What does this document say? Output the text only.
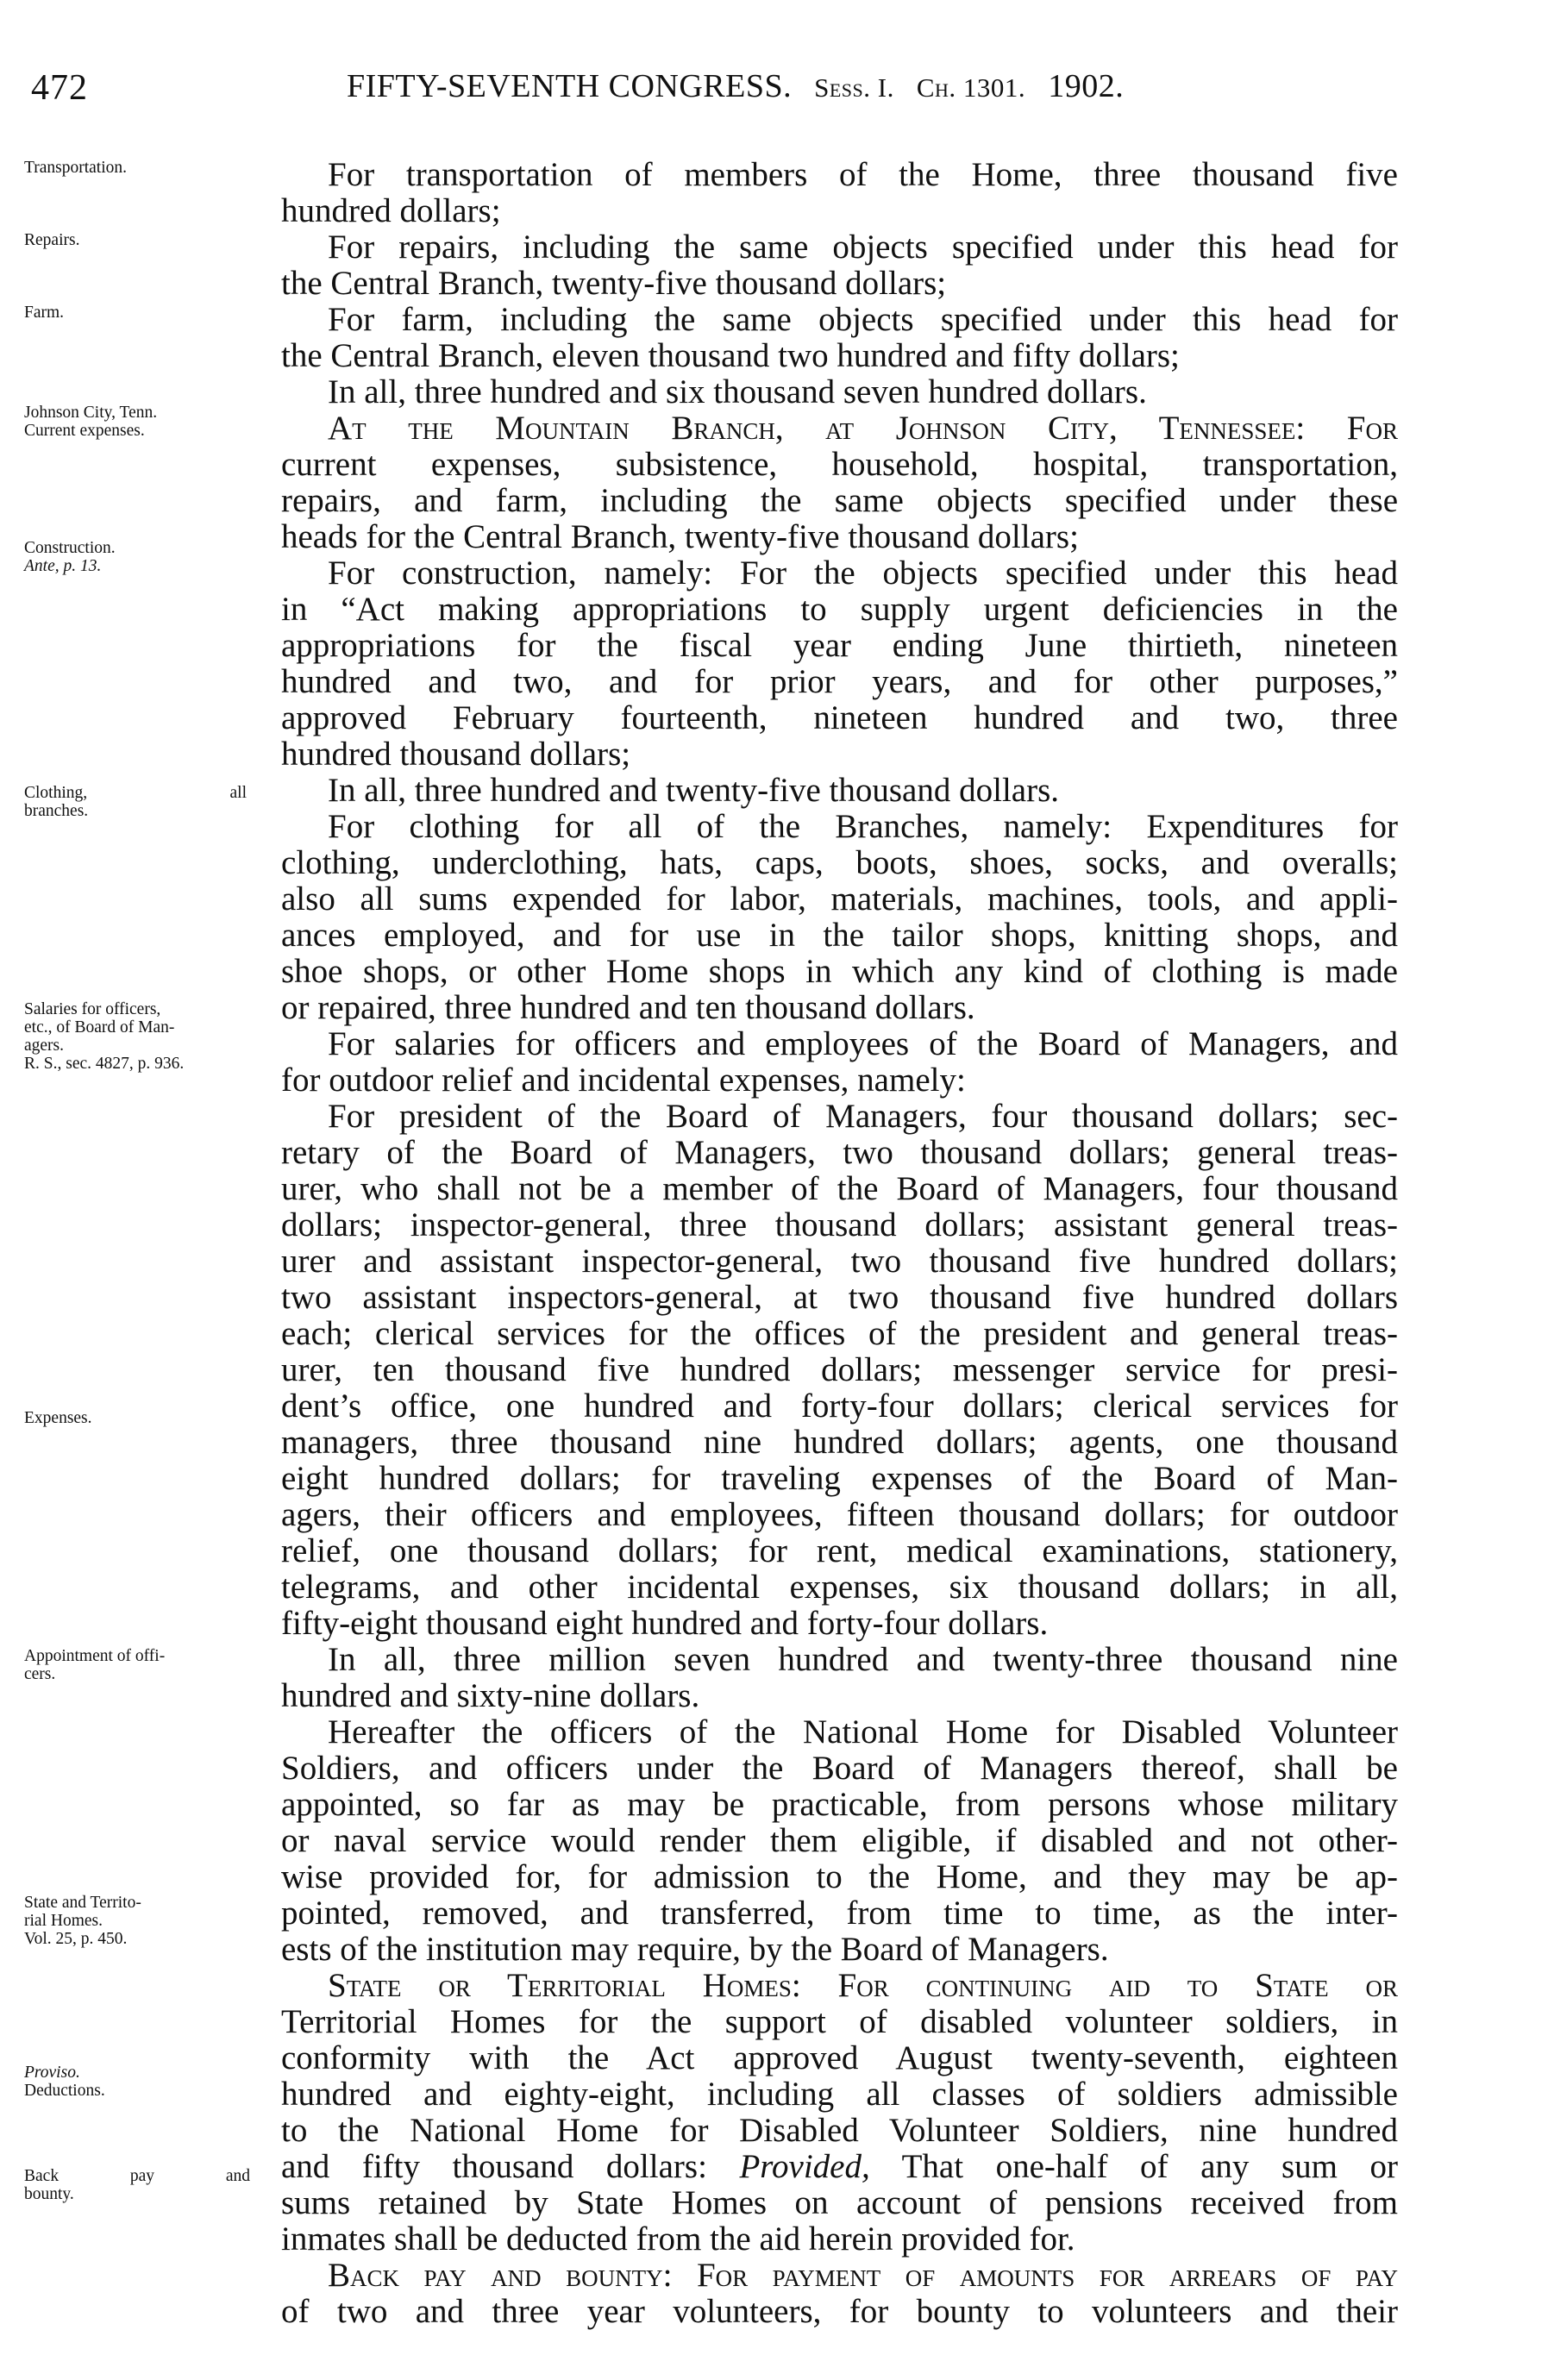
472	FIFTY-SEVENTH CONGRESS. Sess. I. Ch. 1301. 1902.
Transportation.
Repairs.
Farm.
Johnson City, Tenn.
Current expenses.
Construction.
Ante, p. 13.
Clothing, all
branches.
Salaries for officers,
etc., of Board of Man-
agers.
R. S., sec. 4827, p. 936.
Expenses.
Appointment of offi-
cers.
State and Territo-
rial Homes.
Vol. 25, p. 450.
Proviso.
Deductions.
Back pay and
bounty.
For transportation of members of the Home, three thousand five
hundred dollars;
For repairs, including the same objects specified under this head for
the Central Branch, twenty-five thousand dollars;
For farm, including the same objects specified under this head for
the Central Branch, eleven thousand two hundred and fifty dollars;
In all, three hundred and six thousand seven hundred dollars.
At the Mountain Branch, at Johnson City, Tennessee: For
current expenses, subsistence, household, hospital, transportation,
repairs, and farm, including the same objects specified under these
heads for the Central Branch, twenty-five thousand dollars;
For construction, namely: For the objects specified under this head
in “Act making appropriations to supply urgent deficiencies in the
appropriations for the fiscal year ending June thirtieth, nineteen
hundred and two, and for prior years, and for other purposes,”
approved February fourteenth, nineteen hundred and two, three
hundred thousand dollars;
In all, three hundred and twenty-five thousand dollars.
For clothing for all of the Branches, namely: Expenditures for
clothing, underclothing, hats, caps, boots, shoes, socks, and overalls;
also all sums expended for labor, materials, machines, tools, and appli-
ances employed, and for use in the tailor shops, knitting shops, and
shoe shops, or other Home shops in which any kind of clothing is made
or repaired, three hundred and ten thousand dollars.
For salaries for officers and employees of the Board of Managers, and
for outdoor relief and incidental expenses, namely:
For president of the Board of Managers, four thousand dollars; sec-
retary of the Board of Managers, two thousand dollars; general treas-
urer, who shall not be a member of the Board of Managers, four thousand
dollars; inspector-general, three thousand dollars; assistant general treas-
urer and assistant inspector-general, two thousand five hundred dollars;
two assistant inspectors-general, at two thousand five hundred dollars
each; clerical services for the offices of the president and general treas-
urer, ten thousand five hundred dollars; messenger service for presi-
dent’s office, one hundred and forty-four dollars; clerical services for
managers, three thousand nine hundred dollars; agents, one thousand
eight hundred dollars; for traveling expenses of the Board of Man-
agers, their officers and employees, fifteen thousand dollars; for outdoor
relief, one thousand dollars; for rent, medical examinations, stationery,
telegrams, and other incidental expenses, six thousand dollars; in all,
fifty-eight thousand eight hundred and forty-four dollars.
In all, three million seven hundred and twenty-three thousand nine
hundred and sixty-nine dollars.
Hereafter the officers of the National Home for Disabled Volunteer
Soldiers, and officers under the Board of Managers thereof, shall be
appointed, so far as may be practicable, from persons whose military
or naval service would render them eligible, if disabled and not other-
wise provided for, for admission to the Home, and they may be ap-
pointed, removed, and transferred, from time to time, as the inter-
ests of the institution may require, by the Board of Managers.
State or Territorial Homes: For continuing aid to State or
Territorial Homes for the support of disabled volunteer soldiers, in
conformity with the Act approved August twenty-seventh, eighteen
hundred and eighty-eight, including all classes of soldiers admissible
to the National Home for Disabled Volunteer Soldiers, nine hundred
and fifty thousand dollars: Provided, That one-half of any sum or
sums retained by State Homes on account of pensions received from
inmates shall be deducted from the aid herein provided for.
Back pay and bounty: For payment of amounts for arrears of pay
of two and three year volunteers, for bounty to volunteers and their
